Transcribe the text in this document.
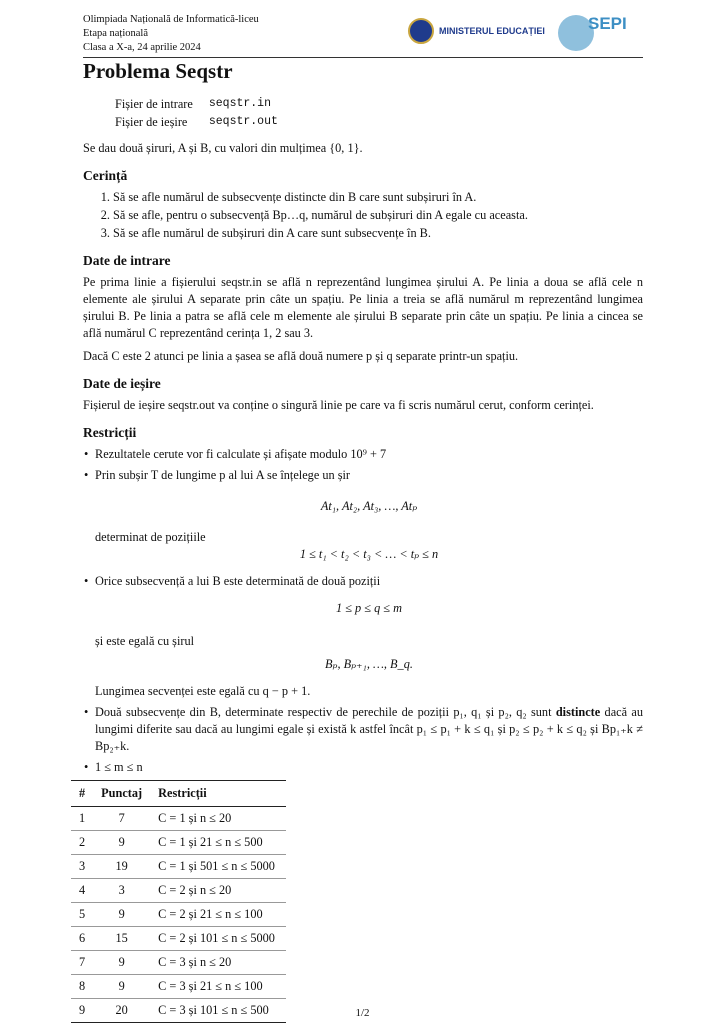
Olimpiada Națională de Informatică-liceu
Etapa națională
Clasa a X-a, 24 aprilie 2024
MINISTERUL EDUCAȚIEI	SEPI
Problema Seqstr
Fișier de intrare	seqstr.in
Fișier de ieșire	seqstr.out

Se dau două șiruri, A și B, cu valori din mulțimea {0, 1}.

Cerință
1. Să se afle numărul de subsecvențe distincte din B care sunt subșiruri în A.
2. Să se afle, pentru o subsecvență Bp…q, numărul de subșiruri din A egale cu aceasta.
3. Să se afle numărul de subșiruri din A care sunt subsecvențe în B.
Date de intrare

Pe prima linie a fișierului seqstr.in se află n reprezentând lungimea șirului A. Pe linia a doua se află cele n elemente ale șirului A separate prin câte un spațiu. Pe linia a treia se află numărul m reprezentând lungimea șirului B. Pe linia a patra se află cele m elemente ale șirului B separate prin câte un spațiu. Pe linia a cincea se află numărul C reprezentând cerința 1, 2 sau 3.

Dacă C este 2 atunci pe linia a șasea se află două numere p și q separate printr-un spațiu.

Date de ieșire

Fișierul de ieșire seqstr.out va conține o singură linie pe care va fi scris numărul cerut, conform cerinței.

Restricții
• Rezultatele cerute vor fi calculate și afișate modulo 10⁹ + 7
• Prin subșir T de lungime p al lui A se înțelege un șir
At₁, At₂, At₃, …, Atₚ
determinat de pozițiile
1 ≤ t₁ < t₂ < t₃ < … < tₚ ≤ n
• Orice subsecvență a lui B este determinată de două poziții
1 ≤ p ≤ q ≤ m
și este egală cu șirul
Bₚ, Bₚ₊₁, …, B_q.
Lungimea secvenței este egală cu q − p + 1.
• Două subsecvențe din B, determinate respectiv de perechile de poziții p₁, q₁ și p₂, q₂ sunt distincte dacă au lungimi diferite sau dacă au lungimi egale și există k astfel încât p₁ ≤ p₁ + k ≤ q₁ și p₂ ≤ p₂ + k ≤ q₂ și Bp₁₊k ≠ Bp₂₊k.
• 1 ≤ m ≤ n
#	Punctaj	Restricții
1	7	C = 1 și n ≤ 20
2	9	C = 1 și 21 ≤ n ≤ 500
3	19	C = 1 și 501 ≤ n ≤ 5000
4	3	C = 2 și n ≤ 20
5	9	C = 2 și 21 ≤ n ≤ 100
6	15	C = 2 și 101 ≤ n ≤ 5000
7	9	C = 3 și n ≤ 20
8	9	C = 3 și 21 ≤ n ≤ 100
9	20	C = 3 și 101 ≤ n ≤ 500	1/2
